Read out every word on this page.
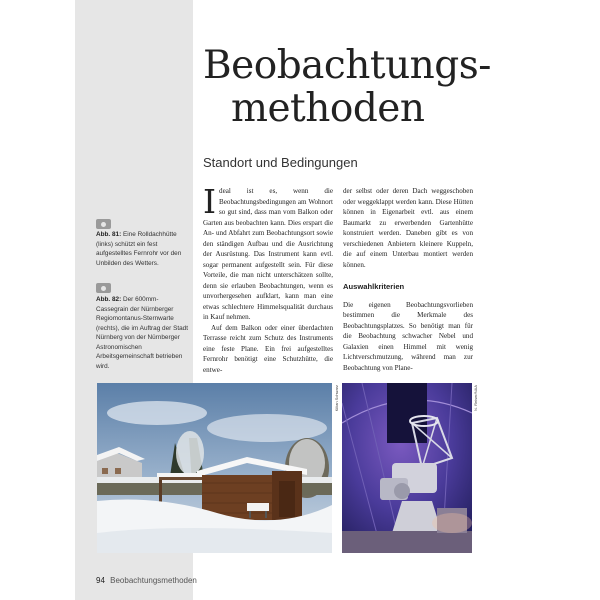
Beobachtungs-
methoden
Standort und Bedingungen

Ideal ist es, wenn die Beobachtungsbedingungen am Wohnort so gut sind, dass man vom Balkon oder Garten aus beobachten kann. Dies erspart die An- und Abfahrt zum Beobachtungsort sowie den ständigen Aufbau und die Ausrichtung der Ausrüstung. Das Instrument kann evtl. sogar permanent aufgestellt sein. Für diese Vorteile, die man nicht unterschätzen sollte, denn sie erlauben Beobachtungen, wenn es unvorhergesehen aufklart, kann man eine etwas schlechtere Himmelsqualität durchaus in Kauf nehmen.

Auf dem Balkon oder einer überdachten Terrasse reicht zum Schutz des Instruments eine feste Plane. Ein frei aufgestelltes Fernrohr benötigt eine Schutzhütte, die entwe-

der selbst oder deren Dach weggeschoben oder weggeklappt werden kann. Diese Hütten können in Eigenarbeit evtl. aus einem Baumarkt zu erwerbenden Gartenhütte konstruiert werden. Daneben gibt es von verschiedenen Anbietern kleinere Kuppeln, die auf einem Unterbau montiert werden können.

Auswahlkriterien

Die eigenen Beobachtungsvorlieben bestimmen die Merkmale des Beobachtungsplatzes. So benötigt man für die Beobachtung schwacher Nebel und Galaxien einen Himmel mit wenig Lichtverschmutzung, während man zur Beobachtung von Plane-

Abb. 81: Eine Rolldachhütte (links) schützt ein fest aufgestelltes Fernrohr vor den Unbilden des Wetters.
Abb. 82: Der 600mm-Cassegrain der Nürnberger Regiomontanus-Sternwarte (rechts), die im Auftrag der Stadt Nürnberg von der Nürnberger Astronomischen Arbeitsgemeinschaft betrieben wird.
Kilian Schwarz	N. Reiser/NAA
94 Beobachtungsmethoden
